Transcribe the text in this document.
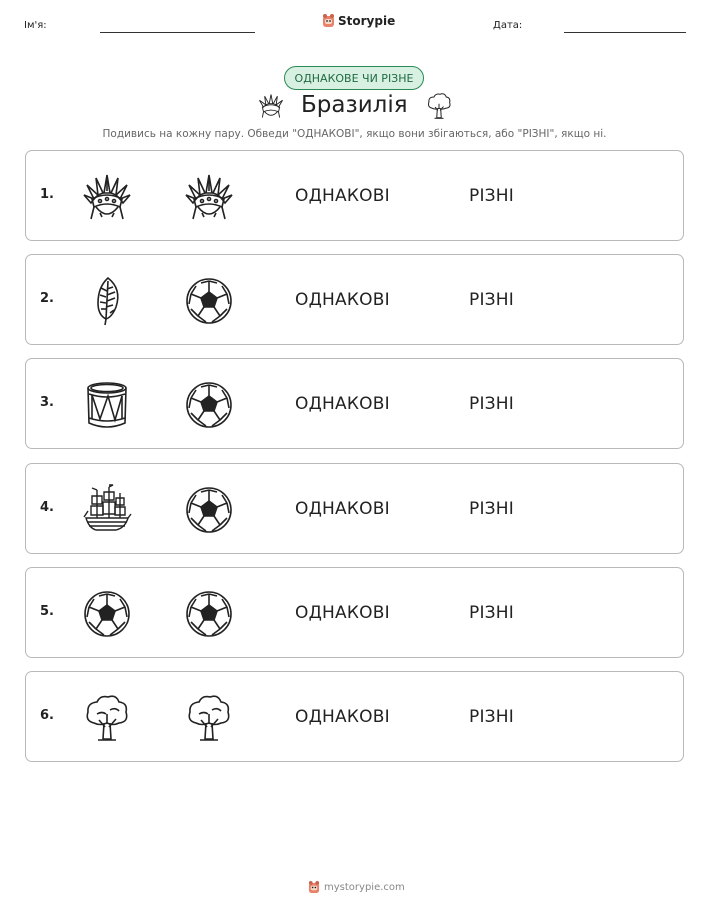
Ім'я:	Storypie	Дата:
ОДНАКОВЕ ЧИ РІЗНЕ
Бразилія
Подивись на кожну пару. Обведи "ОДНАКОВІ", якщо вони збігаються, або "РІЗНІ", якщо ні.
1.	ОДНАКОВІ	РІЗНІ
2.	ОДНАКОВІ	РІЗНІ
3.	ОДНАКОВІ	РІЗНІ
4.	ОДНАКОВІ	РІЗНІ
5.	ОДНАКОВІ	РІЗНІ
6.	ОДНАКОВІ	РІЗНІ
mystorypie.com
